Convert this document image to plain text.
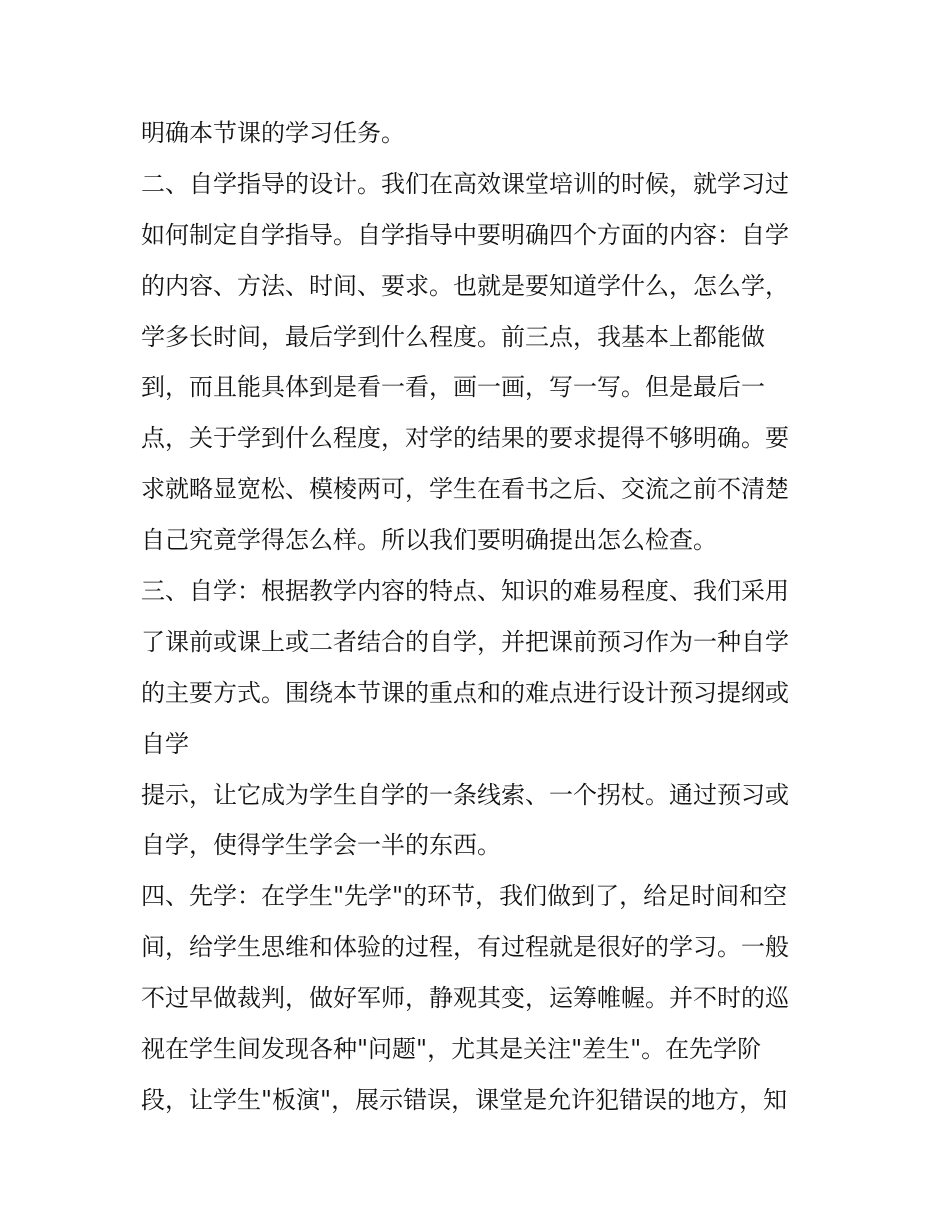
明确本节课的学习任务。
二、自学指导的设计。我们在高效课堂培训的时候，就学习过
如何制定自学指导。自学指导中要明确四个方面的内容：自学
的内容、方法、时间、要求。也就是要知道学什么，怎么学，
学多长时间，最后学到什么程度。前三点，我基本上都能做
到，而且能具体到是看一看，画一画，写一写。但是最后一
点，关于学到什么程度，对学的结果的要求提得不够明确。要
求就略显宽松、模棱两可，学生在看书之后、交流之前不清楚
自己究竟学得怎么样。所以我们要明确提出怎么检查。
三、自学：根据教学内容的特点、知识的难易程度、我们采用
了课前或课上或二者结合的自学，并把课前预习作为一种自学
的主要方式。围绕本节课的重点和的难点进行设计预习提纲或
自学
提示，让它成为学生自学的一条线索、一个拐杖。通过预习或
自学，使得学生学会一半的东西。
四、先学：在学生"先学"的环节，我们做到了，给足时间和空
间，给学生思维和体验的过程，有过程就是很好的学习。一般
不过早做裁判，做好军师，静观其变，运筹帷幄。并不时的巡
视在学生间发现各种"问题"，尤其是关注"差生"。在先学阶
段，让学生"板演"，展示错误，课堂是允许犯错误的地方，知
